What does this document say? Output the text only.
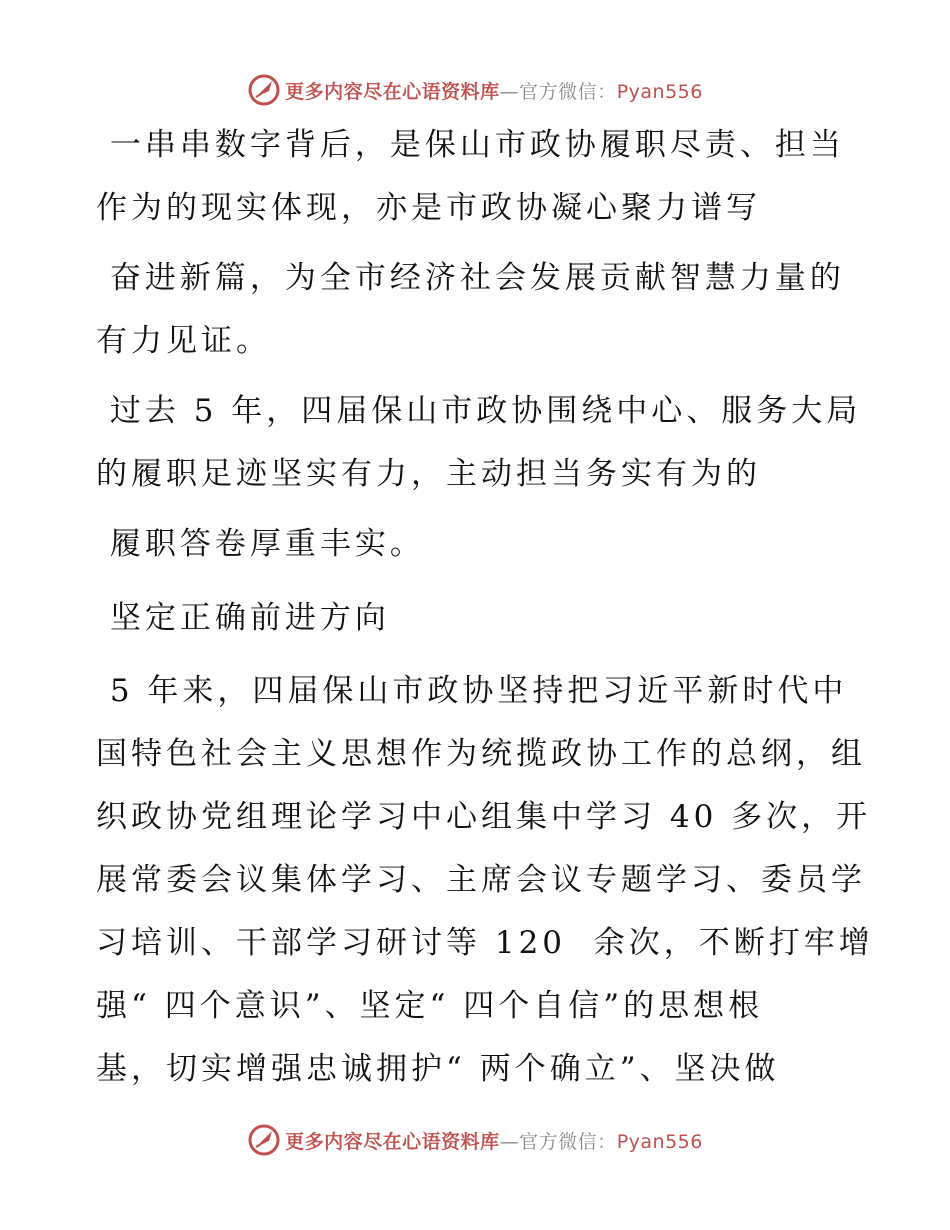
更多内容尽在心语资料库—官方微信：Pyan556
一串串数字背后，是保山市政协履职尽责、担当
作为的现实体现，亦是市政协凝心聚力谱写
奋进新篇，为全市经济社会发展贡献智慧力量的
有力见证。
过去 5 年，四届保山市政协围绕中心、服务大局
的履职足迹坚实有力，主动担当务实有为的
履职答卷厚重丰实。
坚定正确前进方向
5 年来，四届保山市政协坚持把习近平新时代中
国特色社会主义思想作为统揽政协工作的总纲，组
织政协党组理论学习中心组集中学习 40 多次，开
展常委会议集体学习、主席会议专题学习、委员学
习培训、干部学习研讨等 120  余次，不断打牢增
强“ 四个意识”、坚定“ 四个自信”的思想根
基，切实增强忠诚拥护“ 两个确立”、坚决做
更多内容尽在心语资料库—官方微信：Pyan556
